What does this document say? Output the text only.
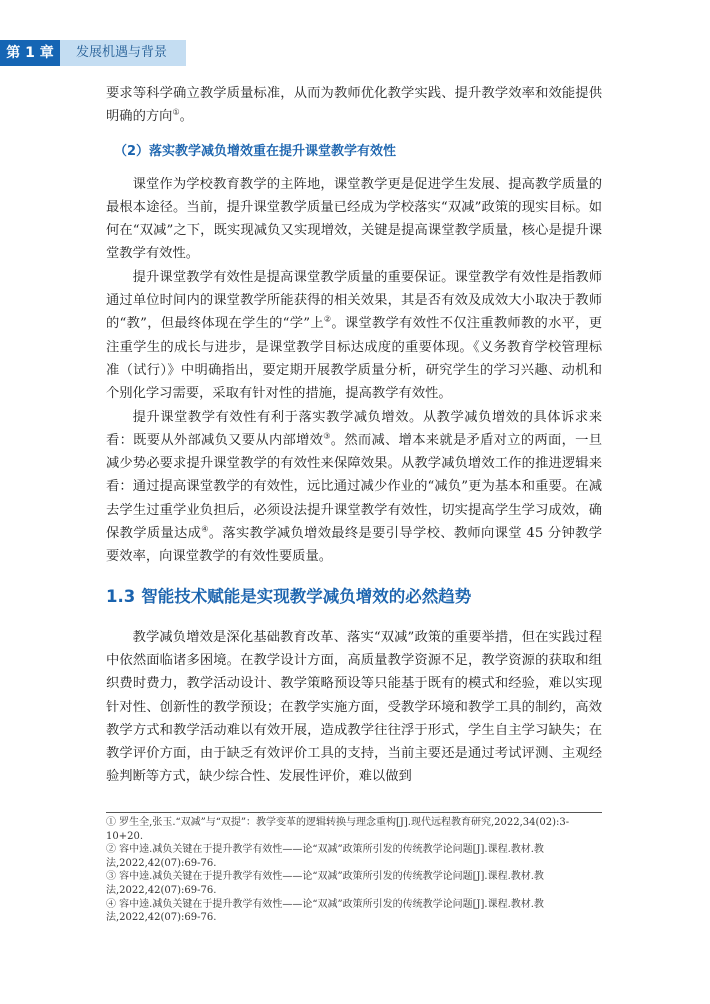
第 1 章	发展机遇与背景

要求等科学确立教学质量标准，从而为教师优化教学实践、提升教学效率和效能提供明确的方向①。

（2）落实教学减负增效重在提升课堂教学有效性

课堂作为学校教育教学的主阵地，课堂教学更是促进学生发展、提高教学质量的最根本途径。当前，提升课堂教学质量已经成为学校落实“双减”政策的现实目标。如何在“双减”之下，既实现减负又实现增效，关键是提高课堂教学质量，核心是提升课堂教学有效性。

提升课堂教学有效性是提高课堂教学质量的重要保证。课堂教学有效性是指教师通过单位时间内的课堂教学所能获得的相关效果，其是否有效及成效大小取决于教师的“教”，但最终体现在学生的“学”上②。课堂教学有效性不仅注重教师教的水平，更注重学生的成长与进步，是课堂教学目标达成度的重要体现。《义务教育学校管理标准（试行）》中明确指出，要定期开展教学质量分析，研究学生的学习兴趣、动机和个别化学习需要，采取有针对性的措施，提高教学有效性。

提升课堂教学有效性有利于落实教学减负增效。从教学减负增效的具体诉求来看：既要从外部减负又要从内部增效③。然而减、增本来就是矛盾对立的两面，一旦减少势必要求提升课堂教学的有效性来保障效果。从教学减负增效工作的推进逻辑来看：通过提高课堂教学的有效性，远比通过减少作业的“减负”更为基本和重要。在减去学生过重学业负担后，必须设法提升课堂教学有效性，切实提高学生学习成效，确保教学质量达成④。落实教学减负增效最终是要引导学校、教师向课堂 45 分钟教学要效率，向课堂教学的有效性要质量。

1.3 智能技术赋能是实现教学减负增效的必然趋势

教学减负增效是深化基础教育改革、落实“双减”政策的重要举措，但在实践过程中依然面临诸多困境。在教学设计方面，高质量教学资源不足，教学资源的获取和组织费时费力，教学活动设计、教学策略预设等只能基于既有的模式和经验，难以实现针对性、创新性的教学预设；在教学实施方面，受教学环境和教学工具的制约，高效教学方式和教学活动难以有效开展，造成教学往往浮于形式，学生自主学习缺失；在教学评价方面，由于缺乏有效评价工具的支持，当前主要还是通过考试评测、主观经验判断等方式，缺少综合性、发展性评价，难以做到

① 罗生全,张玉.“双减”与“双提”：教学变革的逻辑转换与理念重构[J].现代远程教育研究,2022,34(02):3-10+20.
② 容中逵.减负关键在于提升教学有效性——论“双减”政策所引发的传统教学论问题[J].课程.教材.教法,2022,42(07):69-76.
③ 容中逵.减负关键在于提升教学有效性——论“双减”政策所引发的传统教学论问题[J].课程.教材.教法,2022,42(07):69-76.
④ 容中逵.减负关键在于提升教学有效性——论“双减”政策所引发的传统教学论问题[J].课程.教材.教法,2022,42(07):69-76.
